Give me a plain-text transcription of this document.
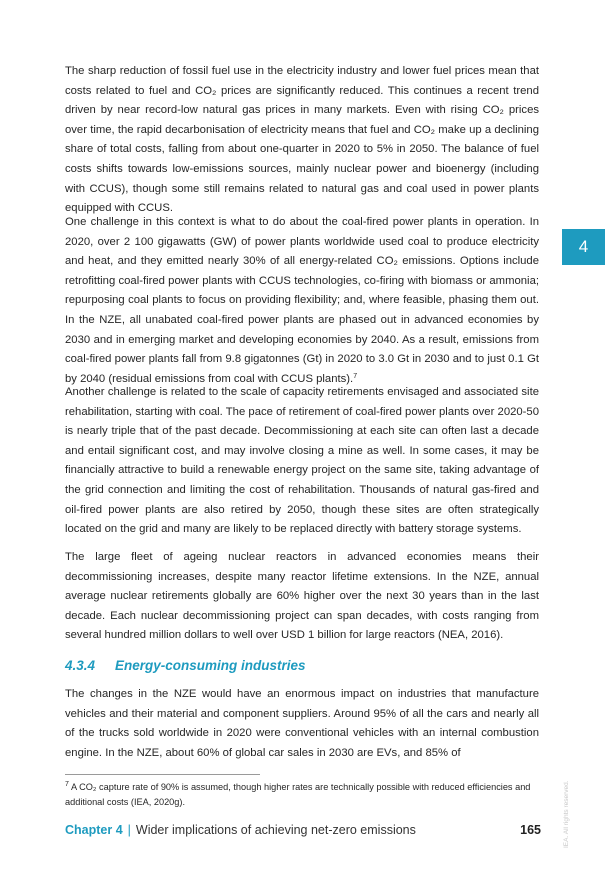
The sharp reduction of fossil fuel use in the electricity industry and lower fuel prices mean that costs related to fuel and CO₂ prices are significantly reduced. This continues a recent trend driven by near record-low natural gas prices in many markets. Even with rising CO₂ prices over time, the rapid decarbonisation of electricity means that fuel and CO₂ make up a declining share of total costs, falling from about one-quarter in 2020 to 5% in 2050. The balance of fuel costs shifts towards low-emissions sources, mainly nuclear power and bioenergy (including with CCUS), though some still remains related to natural gas and coal used in power plants equipped with CCUS.

One challenge in this context is what to do about the coal-fired power plants in operation. In 2020, over 2 100 gigawatts (GW) of power plants worldwide used coal to produce electricity and heat, and they emitted nearly 30% of all energy-related CO₂ emissions. Options include retrofitting coal-fired power plants with CCUS technologies, co-firing with biomass or ammonia; repurposing coal plants to focus on providing flexibility; and, where feasible, phasing them out. In the NZE, all unabated coal-fired power plants are phased out in advanced economies by 2030 and in emerging market and developing economies by 2040. As a result, emissions from coal-fired power plants fall from 9.8 gigatonnes (Gt) in 2020 to 3.0 Gt in 2030 and to just 0.1 Gt by 2040 (residual emissions from coal with CCUS plants).$^7$

Another challenge is related to the scale of capacity retirements envisaged and associated site rehabilitation, starting with coal. The pace of retirement of coal-fired power plants over 2020-50 is nearly triple that of the past decade. Decommissioning at each site can often last a decade and entail significant cost, and may involve closing a mine as well. In some cases, it may be financially attractive to build a renewable energy project on the same site, taking advantage of the grid connection and limiting the cost of rehabilitation. Thousands of natural gas-fired and oil-fired power plants are also retired by 2050, though these sites are often strategically located on the grid and many are likely to be replaced directly with battery storage systems.

The large fleet of ageing nuclear reactors in advanced economies means their decommissioning increases, despite many reactor lifetime extensions. In the NZE, annual average nuclear retirements globally are 60% higher over the next 30 years than in the last decade. Each nuclear decommissioning project can span decades, with costs ranging from several hundred million dollars to well over USD 1 billion for large reactors (NEA, 2016).

4.3.4 Energy-consuming industries

The changes in the NZE would have an enormous impact on industries that manufacture vehicles and their material and component suppliers. Around 95% of all the cars and nearly all of the trucks sold worldwide in 2020 were conventional vehicles with an internal combustion engine. In the NZE, about 60% of global car sales in 2030 are EVs, and 85% of

4

$^7$ A CO₂ capture rate of 90% is assumed, though higher rates are technically possible with reduced efficiencies and additional costs (IEA, 2020g).

Chapter 4 | Wider implications of achieving net-zero emissions	165	IEA. All rights reserved.
